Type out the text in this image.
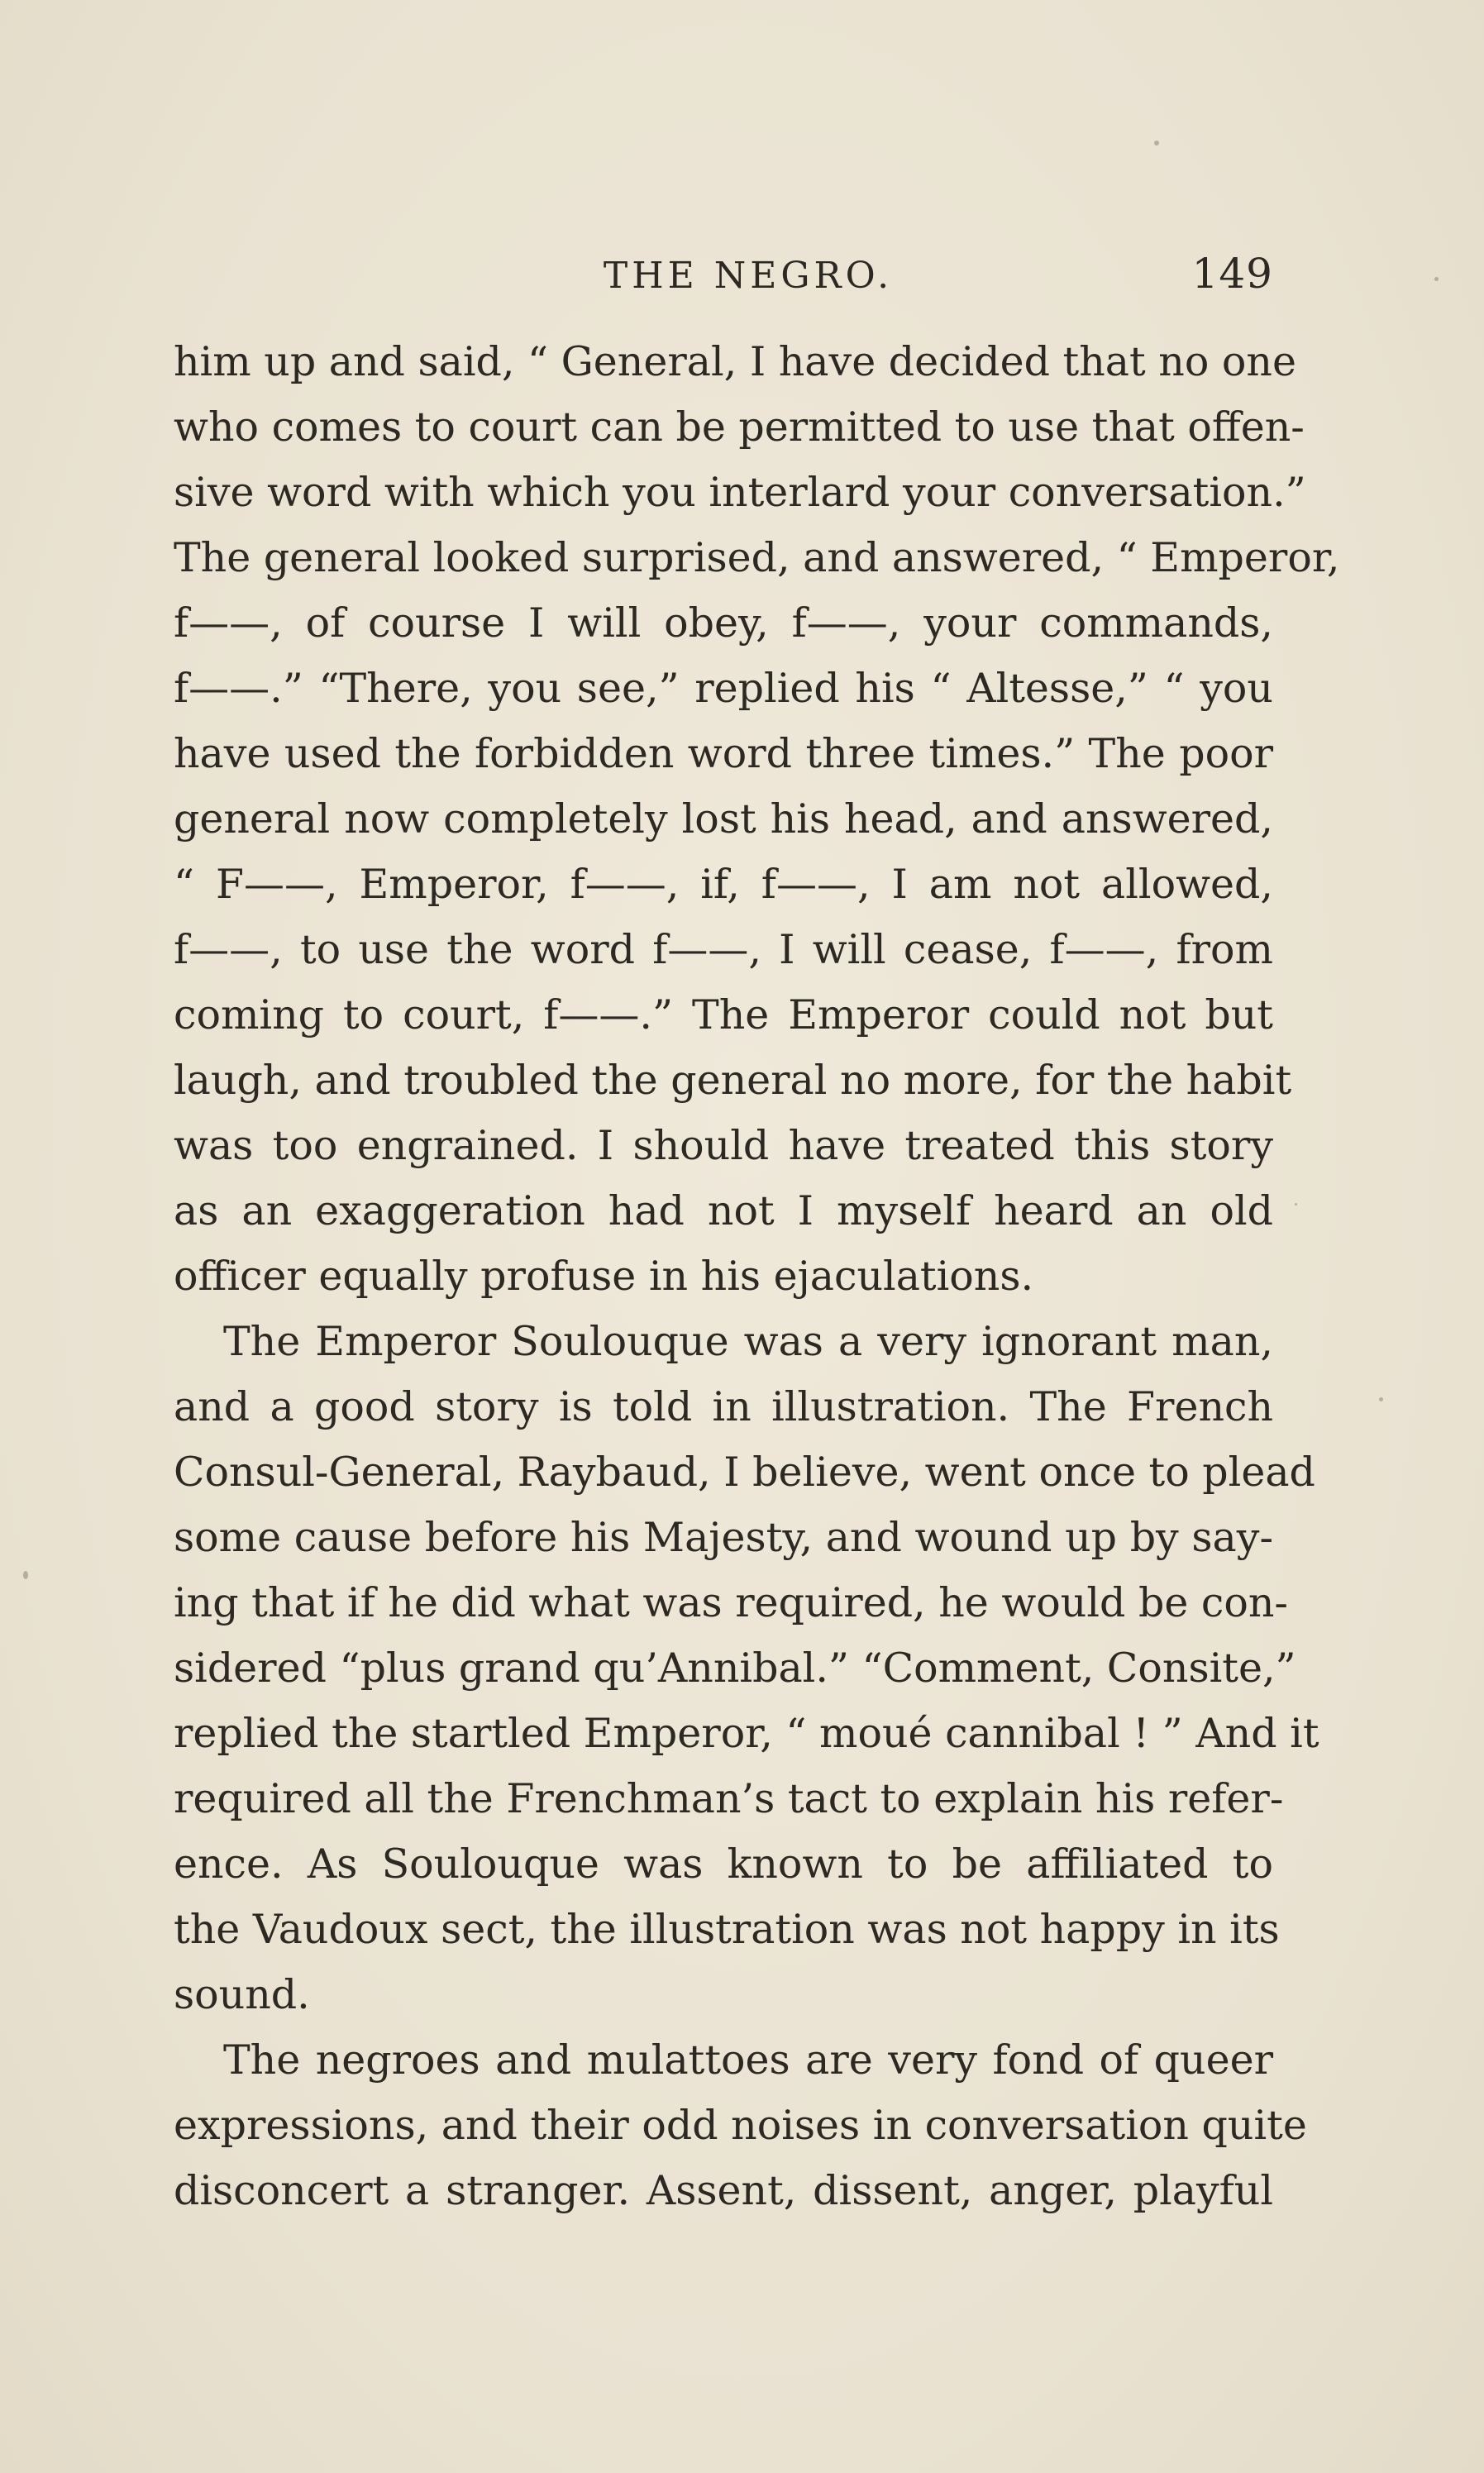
THE NEGRO.	149
him up and said, “ General, I have decided that no one
who comes to court can be permitted to use that offen-
sive word with which you interlard your conversation.”
The general looked surprised, and answered, “ Emperor,
f——, of course I will obey, f——, your commands,
f——.” “There, you see,” replied his “ Altesse,” “ you
have used the forbidden word three times.” The poor
general now completely lost his head, and answered,
“ F——, Emperor, f——, if, f——, I am not allowed,
f——, to use the word f——, I will cease, f——, from
coming to court, f——.” The Emperor could not but
laugh, and troubled the general no more, for the habit
was too engrained. I should have treated this story
as an exaggeration had not I myself heard an old
officer equally profuse in his ejaculations.
The Emperor Soulouque was a very ignorant man,
and a good story is told in illustration. The French
Consul-General, Raybaud, I believe, went once to plead
some cause before his Majesty, and wound up by say-
ing that if he did what was required, he would be con-
sidered “plus grand qu’Annibal.” “Comment, Consite,”
replied the startled Emperor, “ moué cannibal ! ” And it
required all the Frenchman’s tact to explain his refer-
ence. As Soulouque was known to be affiliated to
the Vaudoux sect, the illustration was not happy in its
sound.
The negroes and mulattoes are very fond of queer
expressions, and their odd noises in conversation quite
disconcert a stranger. Assent, dissent, anger, playful
